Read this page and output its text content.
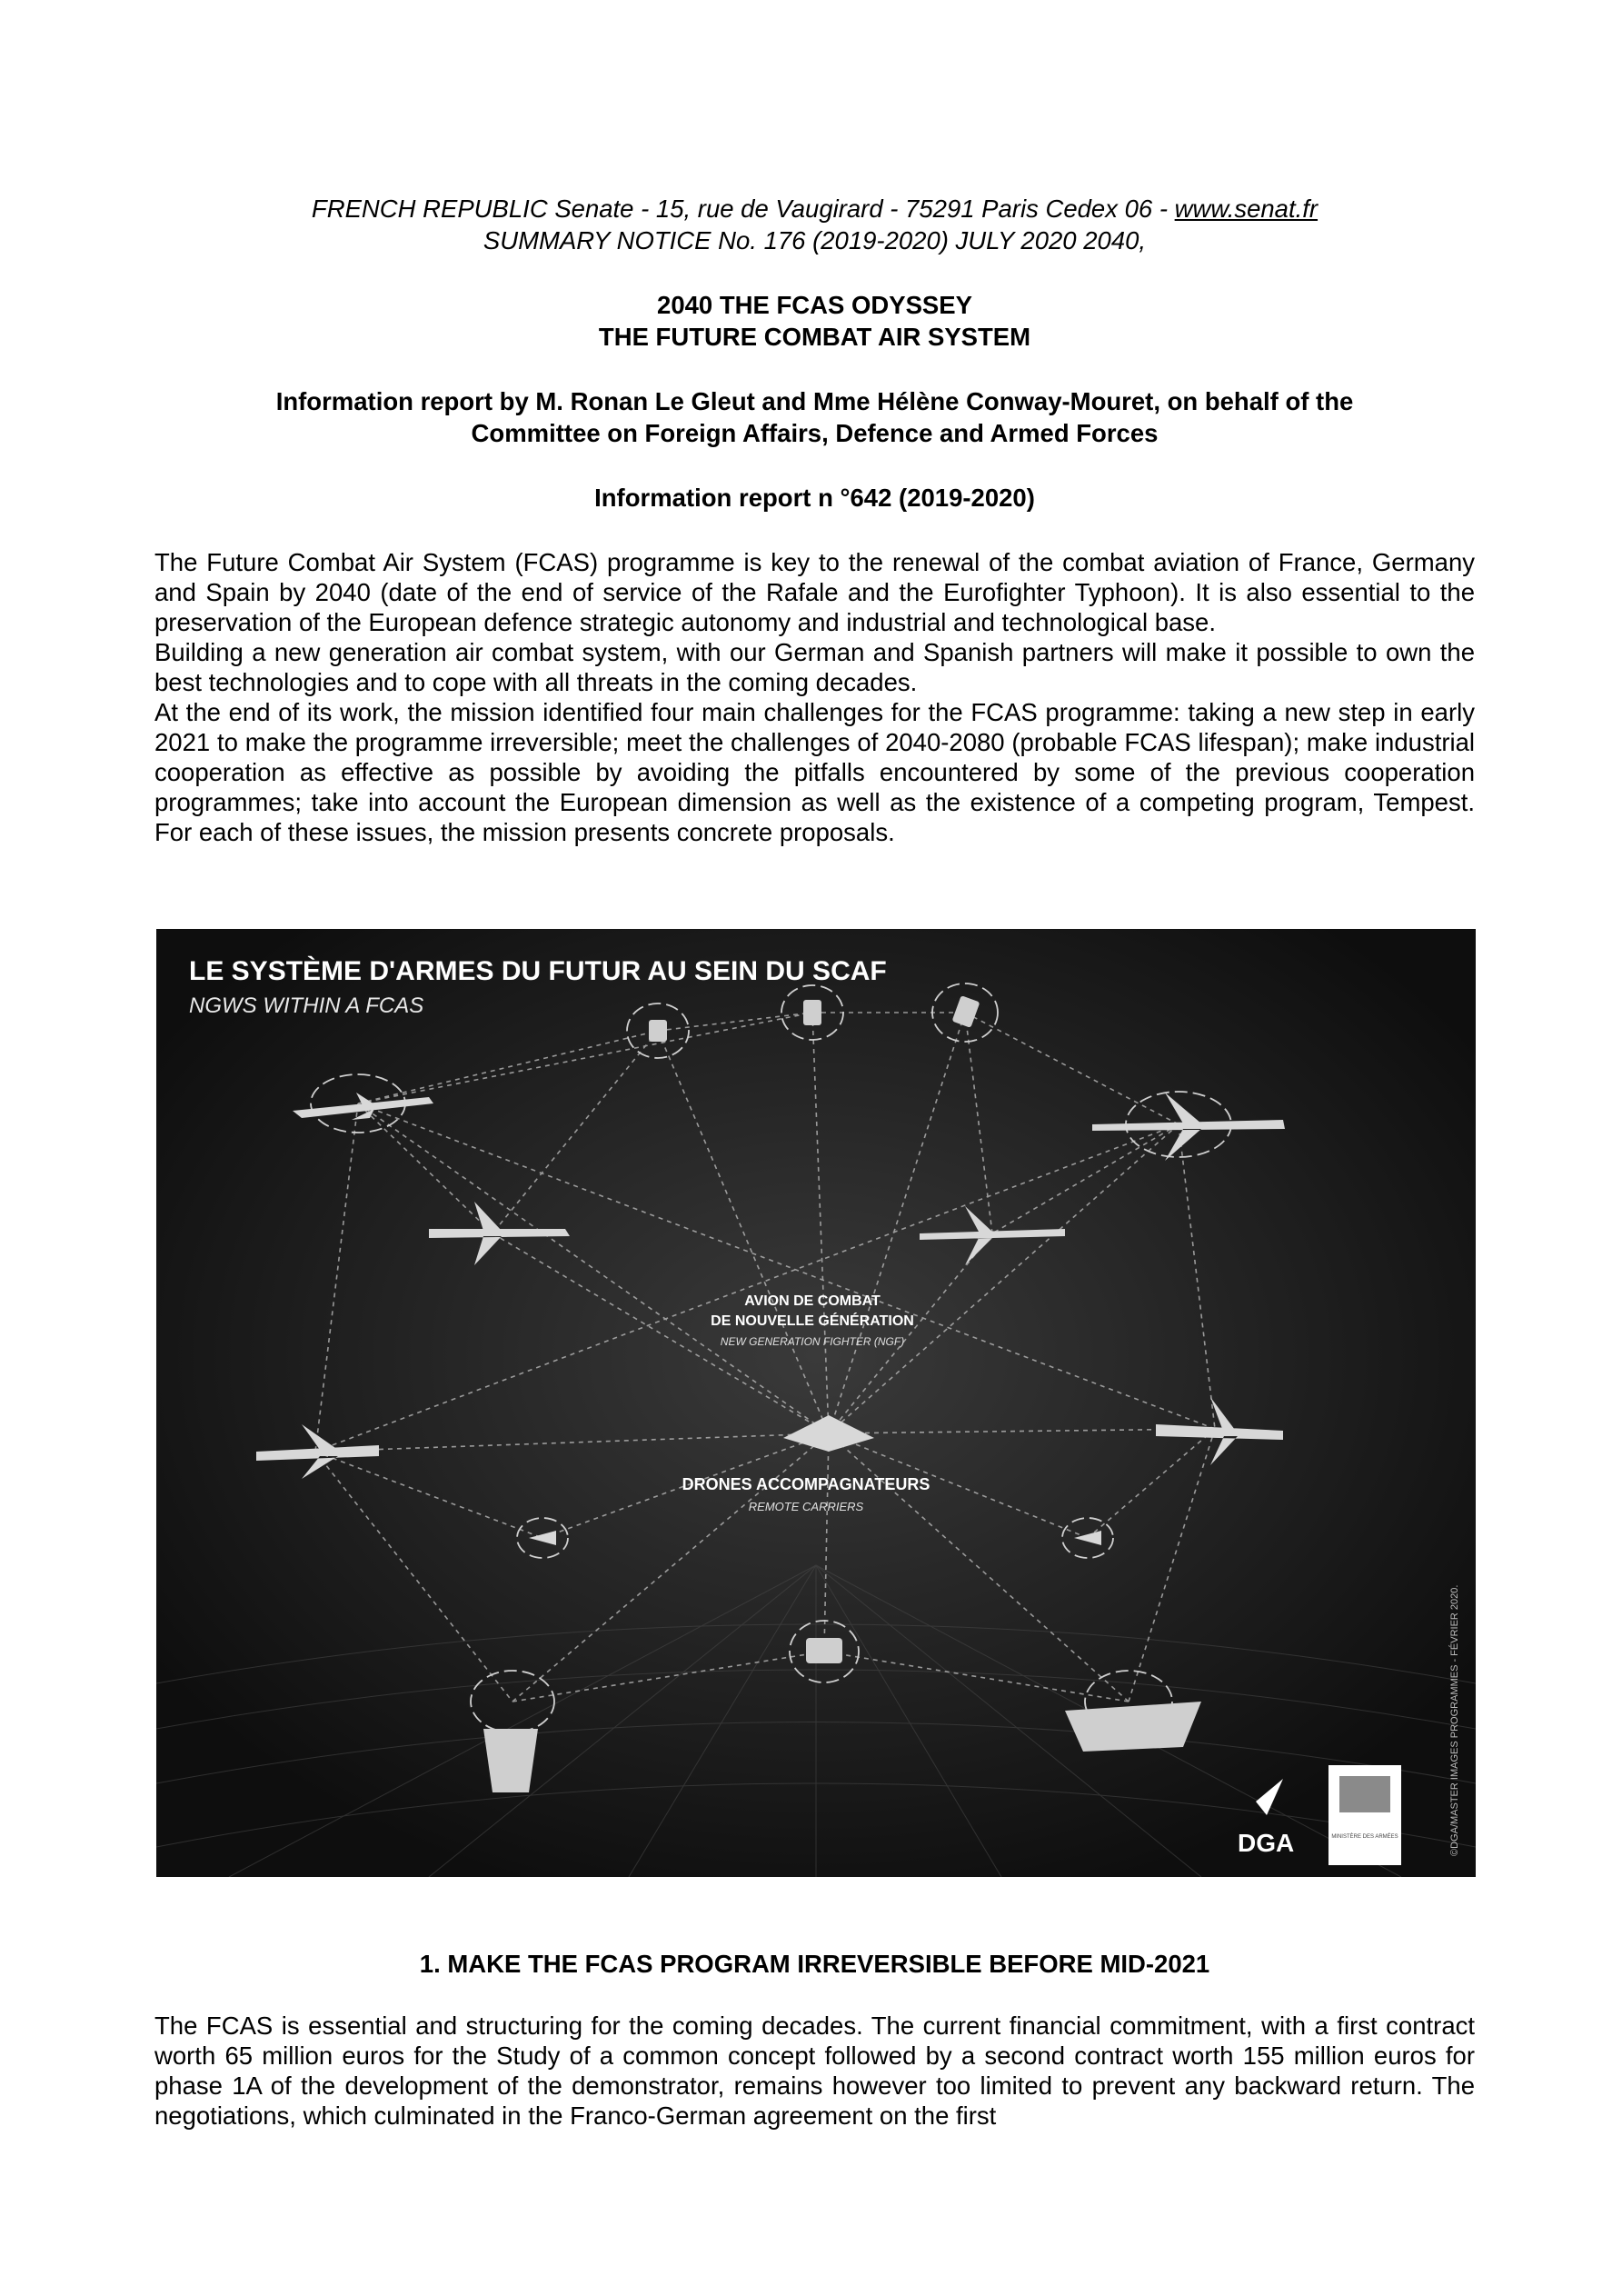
FRENCH REPUBLIC Senate - 15, rue de Vaugirard - 75291 Paris Cedex 06 - www.senat.fr
SUMMARY NOTICE No. 176 (2019-2020) JULY 2020 2040,
2040 THE FCAS ODYSSEY
THE FUTURE COMBAT AIR SYSTEM
Information report by M. Ronan Le Gleut and Mme Hélène Conway-Mouret, on behalf of the
Committee on Foreign Affairs, Defence and Armed Forces
Information report n °642 (2019-2020)

The Future Combat Air System (FCAS) programme is key to the renewal of the combat aviation of France, Germany and Spain by 2040 (date of the end of service of the Rafale and the Eurofighter Typhoon). It is also essential to the preservation of the European defence strategic autonomy and industrial and technological base.

Building a new generation air combat system, with our German and Spanish partners will make it possible to own the best technologies and to cope with all threats in the coming decades.

At the end of its work, the mission identified four main challenges for the FCAS programme: taking a new step in early 2021 to make the programme irreversible; meet the challenges of 2040-2080 (probable FCAS lifespan); make industrial cooperation as effective as possible by avoiding the pitfalls encountered by some of the previous cooperation programmes; take into account the European dimension as well as the existence of a competing program, Tempest. For each of these issues, the mission presents concrete proposals.

LE SYSTÈME D'ARMES DU FUTUR AU SEIN DU SCAF
NGWS WITHIN A FCAS
AVION DE COMBAT
DE NOUVELLE GÉNÉRATION
NEW GENERATION FIGHTER (NGF)
DRONES ACCOMPAGNATEURS
REMOTE CARRIERS
©DGA/MASTER IMAGES PROGRAMMES - FÉVRIER 2020.
DGA	MINISTÈRE DES ARMÉES
1. MAKE THE FCAS PROGRAM IRREVERSIBLE BEFORE MID-2021

The FCAS is essential and structuring for the coming decades. The current financial commitment, with a first contract worth 65 million euros for the Study of a common concept followed by a second contract worth 155 million euros for phase 1A of the development of the demonstrator, remains however too limited to prevent any backward return. The negotiations, which culminated in the Franco-German agreement on the first
